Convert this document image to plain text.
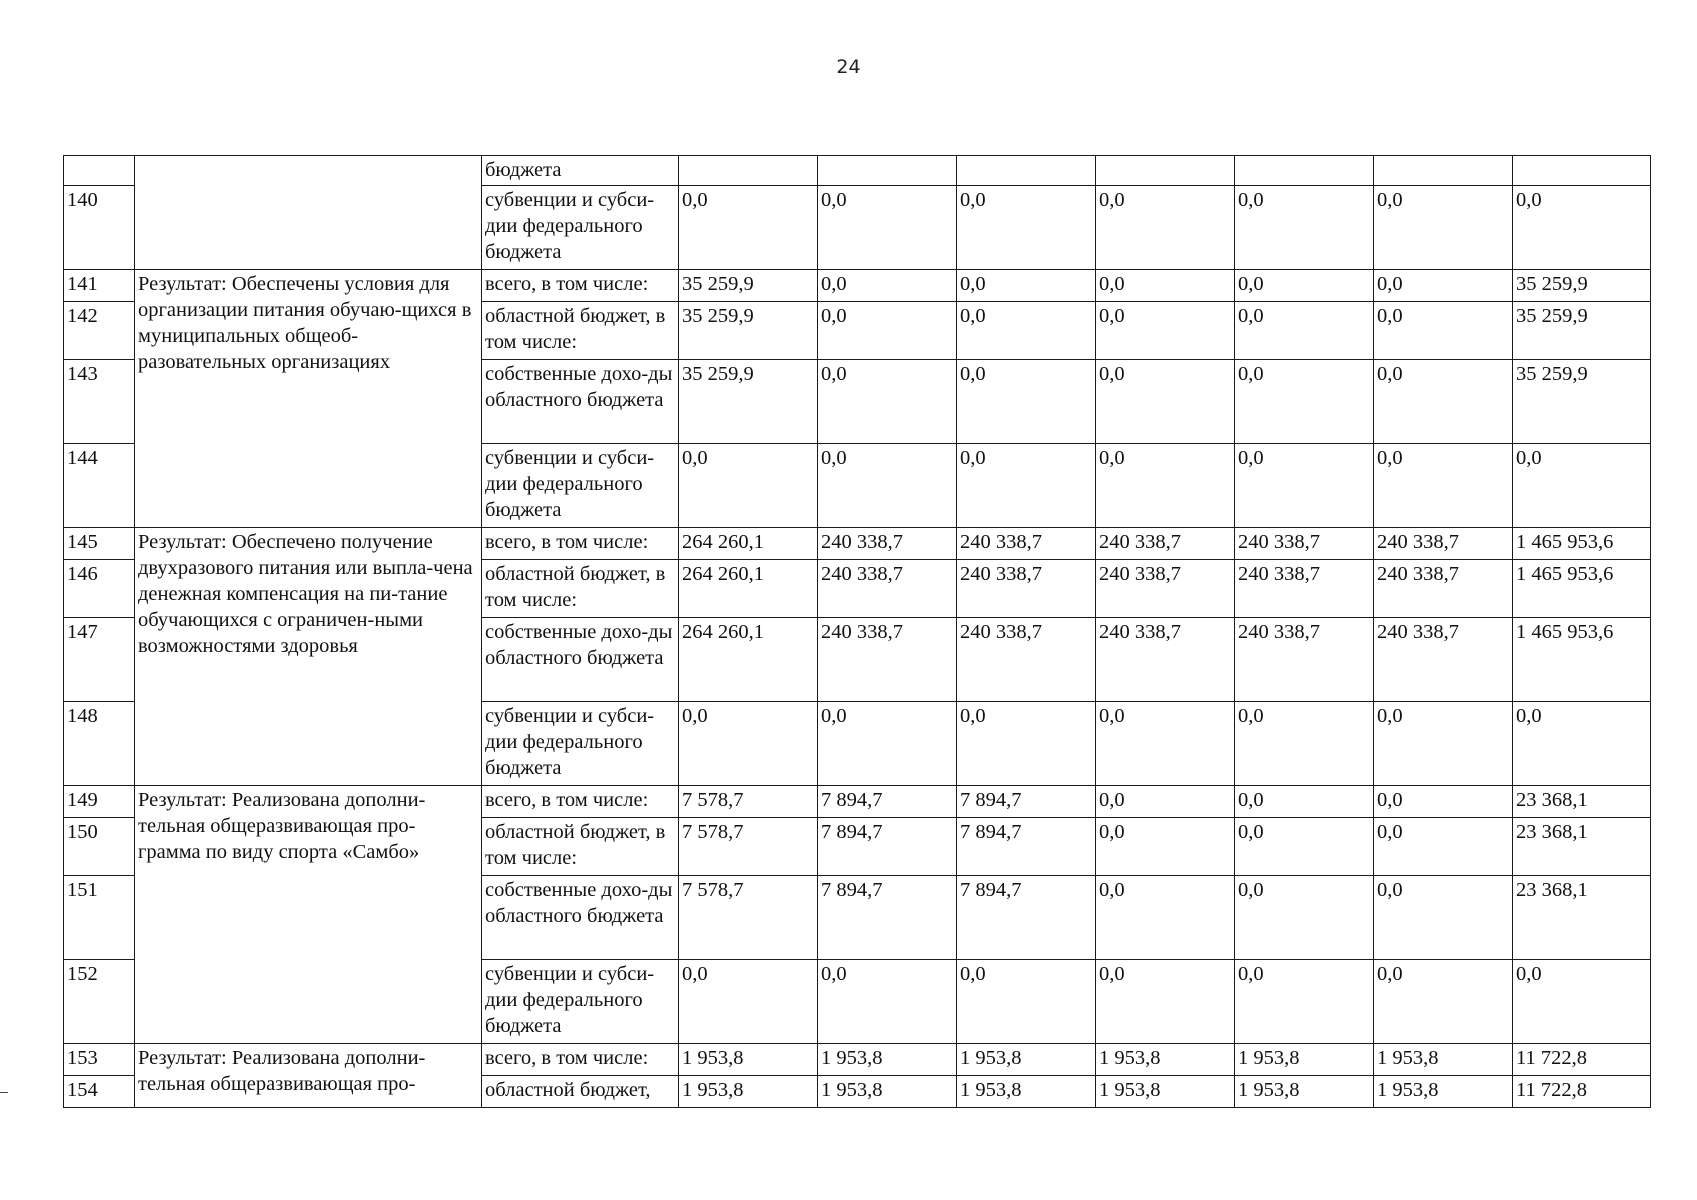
24
		бюджета							
140		субвенции и субси-дии федерального бюджета	0,0	0,0	0,0	0,0	0,0	0,0	0,0
141	Результат: Обеспечены условия для организации питания обучаю-щихся в муниципальных общеоб-разовательных организациях	всего, в том числе:	35 259,9	0,0	0,0	0,0	0,0	0,0	35 259,9
142		областной бюджет, в том числе:	35 259,9	0,0	0,0	0,0	0,0	0,0	35 259,9
143		собственные дохо-ды областного бюджета	35 259,9	0,0	0,0	0,0	0,0	0,0	35 259,9
144		субвенции и субси-дии федерального бюджета	0,0	0,0	0,0	0,0	0,0	0,0	0,0
145	Результат: Обеспечено получение двухразового питания или выпла-чена денежная компенсация на пи-тание обучающихся с ограничен-ными возможностями здоровья	всего, в том числе:	264 260,1	240 338,7	240 338,7	240 338,7	240 338,7	240 338,7	1 465 953,6
146		областной бюджет, в том числе:	264 260,1	240 338,7	240 338,7	240 338,7	240 338,7	240 338,7	1 465 953,6
147		собственные дохо-ды областного бюджета	264 260,1	240 338,7	240 338,7	240 338,7	240 338,7	240 338,7	1 465 953,6
148		субвенции и субси-дии федерального бюджета	0,0	0,0	0,0	0,0	0,0	0,0	0,0
149	Результат: Реализована дополни-тельная общеразвивающая про-грамма по виду спорта «Самбо»	всего, в том числе:	7 578,7	7 894,7	7 894,7	0,0	0,0	0,0	23 368,1
150		областной бюджет, в том числе:	7 578,7	7 894,7	7 894,7	0,0	0,0	0,0	23 368,1
151		собственные дохо-ды областного бюджета	7 578,7	7 894,7	7 894,7	0,0	0,0	0,0	23 368,1
152		субвенции и субси-дии федерального бюджета	0,0	0,0	0,0	0,0	0,0	0,0	0,0
153	Результат: Реализована дополни-тельная общеразвивающая про-	всего, в том числе:	1 953,8	1 953,8	1 953,8	1 953,8	1 953,8	1 953,8	11 722,8
154		областной бюджет,	1 953,8	1 953,8	1 953,8	1 953,8	1 953,8	1 953,8	11 722,8
